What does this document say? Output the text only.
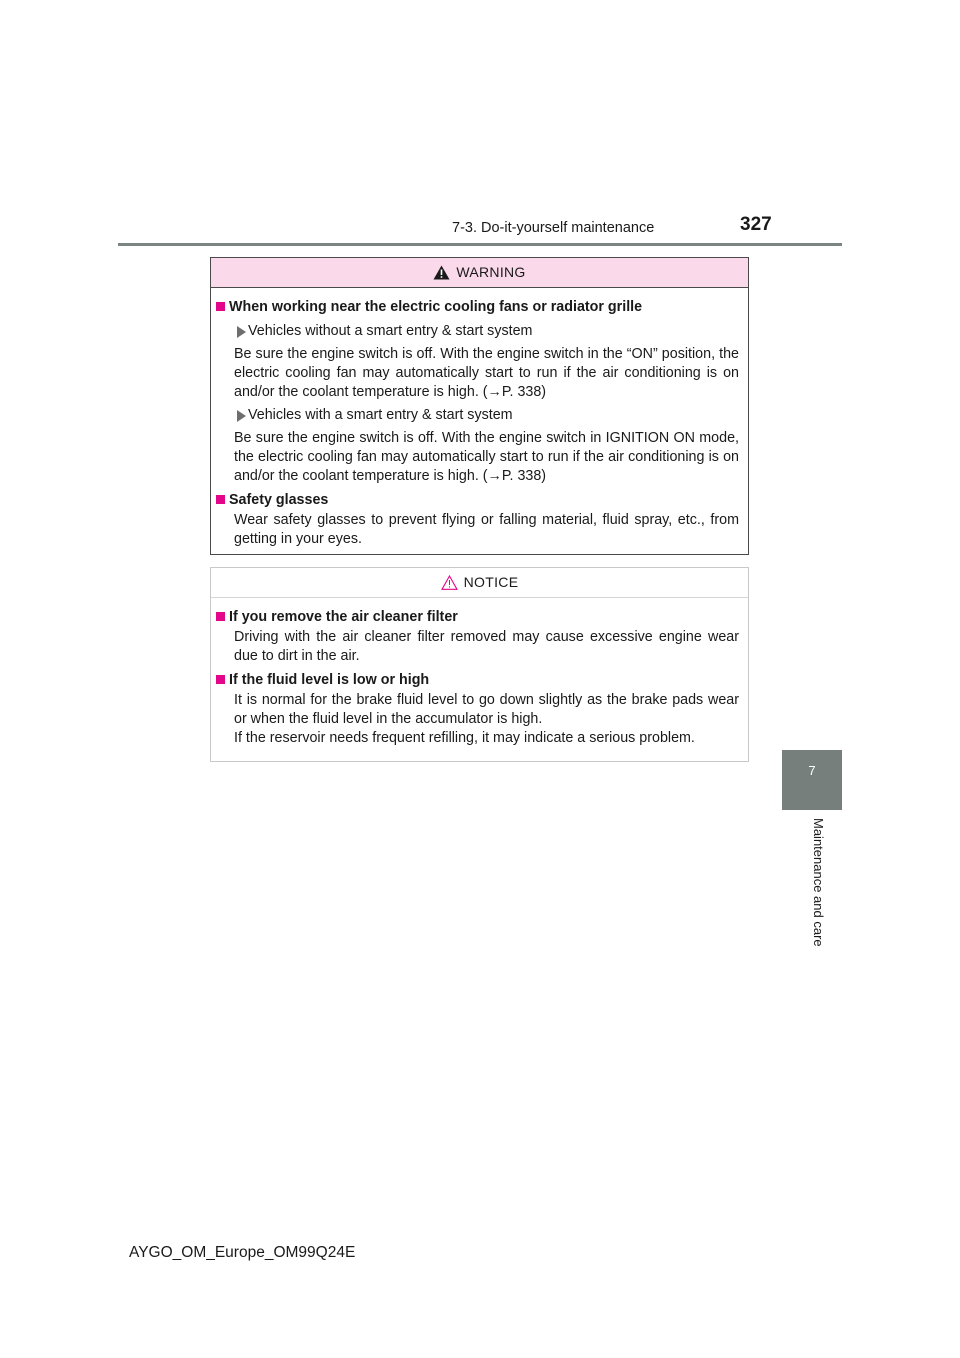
7-3. Do-it-yourself maintenance	327
7
Maintenance and care
WARNING
When working near the electric cooling fans or radiator grille
Vehicles without a smart entry & start system
Be sure the engine switch is off. With the engine switch in the “ON” position, the electric cooling fan may automatically start to run if the air conditioning is on and/or the coolant temperature is high. (→P. 338)
Vehicles with a smart entry & start system
Be sure the engine switch is off. With the engine switch in IGNITION ON mode, the electric cooling fan may automatically start to run if the air conditioning is on and/or the coolant temperature is high. (→P. 338)
Safety glasses
Wear safety glasses to prevent flying or falling material, fluid spray, etc., from getting in your eyes.
NOTICE
If you remove the air cleaner filter
Driving with the air cleaner filter removed may cause excessive engine wear due to dirt in the air.
If the fluid level is low or high
It is normal for the brake fluid level to go down slightly as the brake pads wear or when the fluid level in the accumulator is high.
If the reservoir needs frequent refilling, it may indicate a serious problem.
AYGO_OM_Europe_OM99Q24E
